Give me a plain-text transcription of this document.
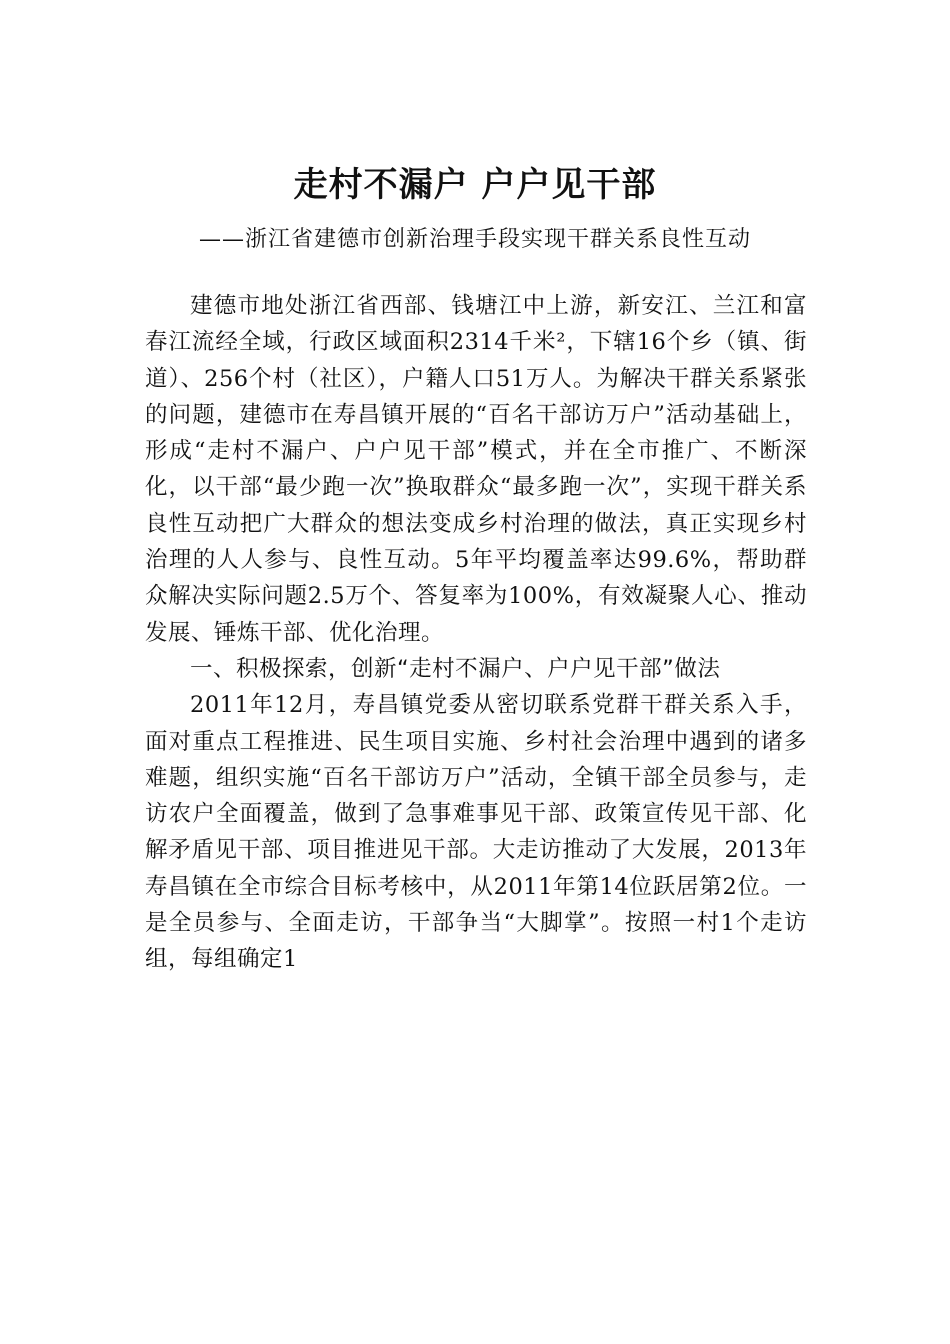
走村不漏户 户户见干部

——浙江省建德市创新治理手段实现干群关系良性互动

建德市地处浙江省西部、钱塘江中上游，新安江、兰江和富春江流经全域，行政区域面积2314千米²，下辖16个乡（镇、街道）、256个村（社区），户籍人口51万人。为解决干群关系紧张的问题，建德市在寿昌镇开展的“百名干部访万户”活动基础上，形成“走村不漏户、户户见干部”模式，并在全市推广、不断深化，以干部“最少跑一次”换取群众“最多跑一次”，实现干群关系良性互动把广大群众的想法变成乡村治理的做法，真正实现乡村治理的人人参与、良性互动。5年平均覆盖率达99.6%，帮助群众解决实际问题2.5万个、答复率为100%，有效凝聚人心、推动发展、锤炼干部、优化治理。

一、积极探索，创新“走村不漏户、户户见干部”做法

2011年12月，寿昌镇党委从密切联系党群干群关系入手，面对重点工程推进、民生项目实施、乡村社会治理中遇到的诸多难题，组织实施“百名干部访万户”活动，全镇干部全员参与，走访农户全面覆盖，做到了急事难事见干部、政策宣传见干部、化解矛盾见干部、项目推进见干部。大走访推动了大发展，2013年寿昌镇在全市综合目标考核中，从2011年第14位跃居第2位。一是全员参与、全面走访，干部争当“大脚掌”。按照一村1个走访组，每组确定1
